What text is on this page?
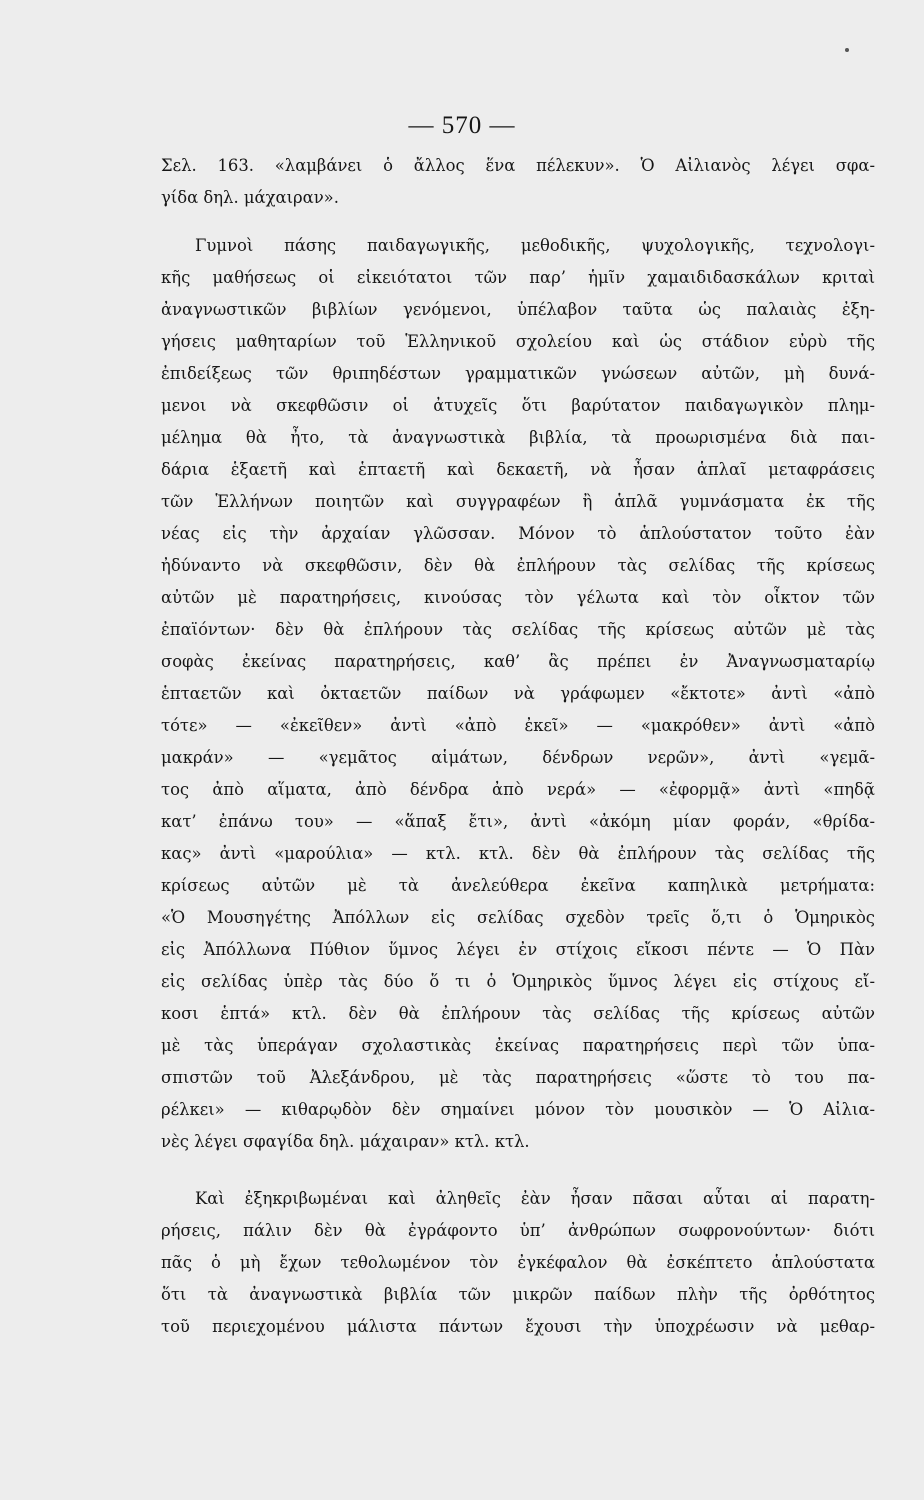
— 570 —
Σελ. 163. «λαμβάνει ὁ ἄλλος ἕνα πέλεκυν». Ὁ Αἰλιανὸς λέγει σφα-
γίδα δηλ. μάχαιραν».
Γυμνοὶ πάσης παιδαγωγικῆς, μεθοδικῆς, ψυχολογικῆς, τεχνολογι-
κῆς μαθήσεως οἱ εἰκειότατοι τῶν παρ’ ἡμῖν χαμαιδιδασκάλων κριταὶ
ἀναγνωστικῶν βιβλίων γενόμενοι, ὑπέλαβον ταῦτα ὡς παλαιὰς ἐξη-
γήσεις μαθηταρίων τοῦ Ἑλληνικοῦ σχολείου καὶ ὡς στάδιον εὐρὺ τῆς
ἐπιδείξεως τῶν θριπηδέστων γραμματικῶν γνώσεων αὐτῶν, μὴ δυνά-
μενοι νὰ σκεφθῶσιν οἱ ἀτυχεῖς ὅτι βαρύτατον παιδαγωγικὸν πλημ-
μέλημα θὰ ἦτο, τὰ ἀναγνωστικὰ βιβλία, τὰ προωρισμένα διὰ παι-
δάρια ἑξαετῆ καὶ ἑπταετῆ καὶ δεκαετῆ, νὰ ἦσαν ἁπλαῖ μεταφράσεις
τῶν Ἑλλήνων ποιητῶν καὶ συγγραφέων ἢ ἁπλᾶ γυμνάσματα ἐκ τῆς
νέας εἰς τὴν ἀρχαίαν γλῶσσαν. Μόνον τὸ ἁπλούστατον τοῦτο ἐὰν
ἠδύναντο νὰ σκεφθῶσιν, δὲν θὰ ἐπλήρουν τὰς σελίδας τῆς κρίσεως
αὐτῶν μὲ παρατηρήσεις, κινούσας τὸν γέλωτα καὶ τὸν οἶκτον τῶν
ἐπαϊόντων· δὲν θὰ ἐπλήρουν τὰς σελίδας τῆς κρίσεως αὐτῶν μὲ τὰς
σοφὰς ἐκείνας παρατηρήσεις, καθ’ ἃς πρέπει ἐν Ἀναγνωσματαρίῳ
ἑπταετῶν καὶ ὀκταετῶν παίδων νὰ γράφωμεν «ἔκτοτε» ἀντὶ «ἀπὸ
τότε» — «ἐκεῖθεν» ἀντὶ «ἀπὸ ἐκεῖ» — «μακρόθεν» ἀντὶ «ἀπὸ
μακράν» — «γεμᾶτος αἱμάτων, δένδρων νερῶν», ἀντὶ «γεμᾶ-
τος ἀπὸ αἵματα, ἀπὸ δένδρα ἀπὸ νερά» — «ἐφορμᾷ» ἀντὶ «πηδᾷ
κατ’ ἐπάνω του» — «ἅπαξ ἔτι», ἀντὶ «ἀκόμη μίαν φοράν, «θρίδα-
κας» ἀντὶ «μαρούλια» — κτλ. κτλ. δὲν θὰ ἐπλήρουν τὰς σελίδας τῆς
κρίσεως αὐτῶν μὲ τὰ ἀνελεύθερα ἐκεῖνα καπηλικὰ μετρήματα:
«Ὁ Μουσηγέτης Ἀπόλλων εἰς σελίδας σχεδὸν τρεῖς ὅ,τι ὁ Ὁμηρικὸς
εἰς Ἀπόλλωνα Πύθιον ὕμνος λέγει ἐν στίχοις εἴκοσι πέντε — Ὁ Πὰν
εἰς σελίδας ὑπὲρ τὰς δύο ὅ τι ὁ Ὁμηρικὸς ὕμνος λέγει εἰς στίχους εἴ-
κοσι ἑπτά» κτλ. δὲν θὰ ἐπλήρουν τὰς σελίδας τῆς κρίσεως αὐτῶν
μὲ τὰς ὑπεράγαν σχολαστικὰς ἐκείνας παρατηρήσεις περὶ τῶν ὑπα-
σπιστῶν τοῦ Ἀλεξάνδρου, μὲ τὰς παρατηρήσεις «ὥστε τὸ του πα-
ρέλκει» — κιθαρῳδὸν δὲν σημαίνει μόνον τὸν μουσικὸν — Ὁ Αἰλια-
νὲς λέγει σφαγίδα δηλ. μάχαιραν» κτλ. κτλ.
Καὶ ἐξηκριβωμέναι καὶ ἀληθεῖς ἐὰν ἦσαν πᾶσαι αὗται αἱ παρατη-
ρήσεις, πάλιν δὲν θὰ ἐγράφοντο ὑπ’ ἀνθρώπων σωφρονούντων· διότι
πᾶς ὁ μὴ ἔχων τεθολωμένον τὸν ἐγκέφαλον θὰ ἐσκέπτετο ἁπλούστατα
ὅτι τὰ ἀναγνωστικὰ βιβλία τῶν μικρῶν παίδων πλὴν τῆς ὀρθότητος
τοῦ περιεχομένου μάλιστα πάντων ἔχουσι τὴν ὑποχρέωσιν νὰ μεθαρ-
